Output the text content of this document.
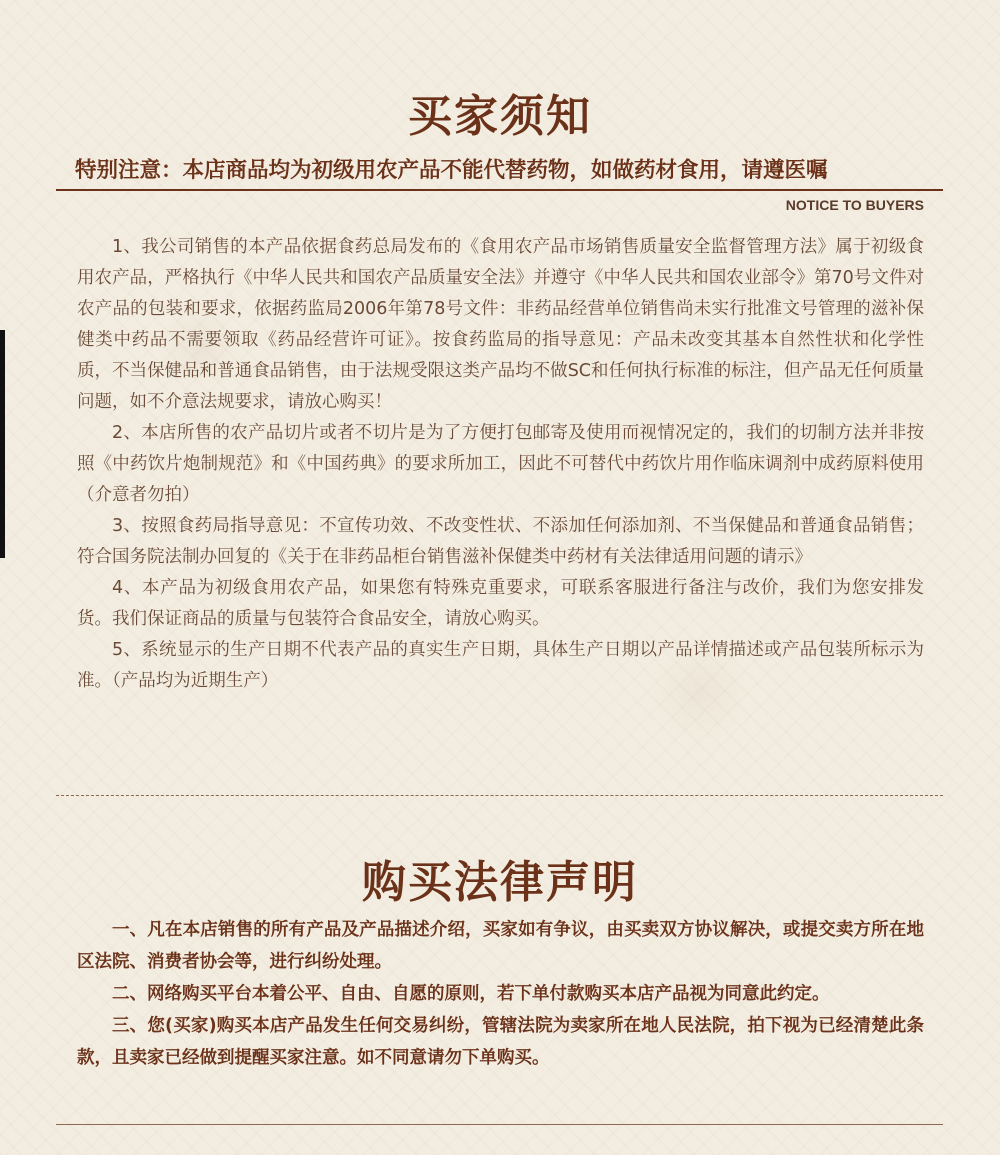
买家须知
特别注意：本店商品均为初级用农产品不能代替药物，如做药材食用，请遵医嘱
NOTICE TO BUYERS

1、我公司销售的本产品依据食药总局发布的《食用农产品市场销售质量安全监督管理方法》属于初级食用农产品，严格执行《中华人民共和国农产品质量安全法》并遵守《中华人民共和国农业部令》第70号文件对农产品的包装和要求，依据药监局2006年第78号文件：非药品经营单位销售尚未实行批准文号管理的滋补保健类中药品不需要领取《药品经营许可证》。按食药监局的指导意见：产品未改变其基本自然性状和化学性质，不当保健品和普通食品销售，由于法规受限这类产品均不做SC和任何执行标准的标注，但产品无任何质量问题，如不介意法规要求，请放心购买！

2、本店所售的农产品切片或者不切片是为了方便打包邮寄及使用而视情况定的，我们的切制方法并非按照《中药饮片炮制规范》和《中国药典》的要求所加工，因此不可替代中药饮片用作临床调剂中成药原料使用（介意者勿拍）

3、按照食药局指导意见：不宣传功效、不改变性状、不添加任何添加剂、不当保健品和普通食品销售；符合国务院法制办回复的《关于在非药品柜台销售滋补保健类中药材有关法律适用问题的请示》

4、本产品为初级食用农产品，如果您有特殊克重要求，可联系客服进行备注与改价，我们为您安排发货。我们保证商品的质量与包装符合食品安全，请放心购买。

5、系统显示的生产日期不代表产品的真实生产日期，具体生产日期以产品详情描述或产品包装所标示为准。（产品均为近期生产）

购买法律声明

一、凡在本店销售的所有产品及产品描述介绍，买家如有争议，由买卖双方协议解决，或提交卖方所在地区法院、消费者协会等，进行纠纷处理。

二、网络购买平台本着公平、自由、自愿的原则，若下单付款购买本店产品视为同意此约定。

三、您(买家)购买本店产品发生任何交易纠纷，管辖法院为卖家所在地人民法院，拍下视为已经清楚此条款，且卖家已经做到提醒买家注意。如不同意请勿下单购买。
